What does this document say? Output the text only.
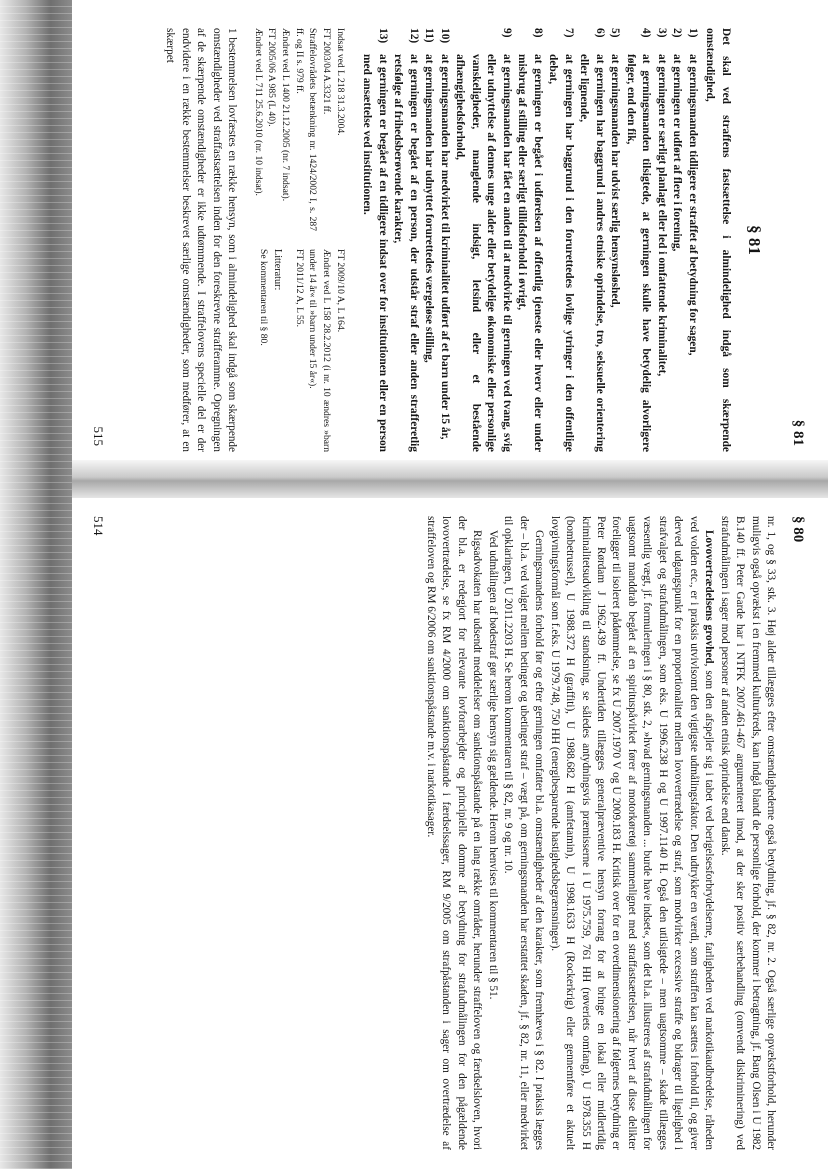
§ 80

nr. 1, og § 33, stk. 3. Høj alder tillægges efter omstændighederne også betydning, jf. § 82, nr. 2. Også særlige opvækstforhold, herunder muligvis også opvækst i en fremmed kulturkreds, kan indgå blandt de personlige forhold, der kommer i betragtning, jf. Bang Olsen i U 1982 B.140 ff. Peter Garde har i NTFK 2007.461-467 argumenteret imod, at der sker positiv særbehandling (omvendt diskriminering) ved strafudmålingen i sager mod personer af anden etnisk oprindelse end dansk.

Lovovertrædelsens grovhed, som den afspejler sig i tabet ved berigelsesforbrydelserne, farligheden ved narkotikaudbredelse, råheden ved volden etc., er i praksis utvivlsomt den vigtigste udmålingsfaktor. Den udtrykker en værdi, som straffen kan sættes i forhold til, og giver derved udgangspunkt for en proportionalitet mellem lovovertrædelse og straf, som modvirker excessive straffe og bidrager til ligelighed i strafvalget og strafudmålingen, som eks. U 1996.238 H og U 1997.1140 H. Også den utilsigtede – men uagtsomme – skade tillægges væsentlig vægt, jf. formuleringen i § 80, stk. 2, »hvad gerningsmanden ... burde have indset«, som det bl.a. illustreres af strafudmålingen for uagtsomt manddrab begået af en spirituspåvirket fører af motorkøretøj sammenlignet med straffastsættelsen, når hvert af disse delikter foreligger til isoleret pådømmelse, se fx U 2007.1970 V og U 2009.183 H. Kritisk over for en overdimensionering af følgernes betydning er Peter Rørdam J 1962.439 ff. Undertiden tillægges generalpræventive hensyn forrang for at bringe en lokal eller midlertidig kriminalitetsudvikling til standsning, se således antydningsvis præmisserne i U 1975.759, 761 HH (røveriets omfang), U 1978.355 H (bombetrussel), U 1988.372 H (graffiti), U 1988.682 H (amfetamin), U 1998.1633 H (Rockerkrig) eller gennemføre et aktuelt lovgivningsformål som f.eks. U 1979.748, 750 HH (energibesparende hastighedsbegrænsninger).

Gerningsmandens forhold før og efter gerningen omfatter bl.a. omstændigheder af den karakter, som fremhæves i § 82. I praksis lægges der – bl.a. ved valget mellem betinget og ubetinget straf – vægt på, om gerningsmanden har erstattet skaden, jf. § 82, nr. 11, eller medvirket til opklaringen, U 2011.2203 H. Se herom kommentaren til § 82, nr. 9 og nr. 10.

Ved udmålingen af bødestraf gør særlige hensyn sig gældende. Herom henvises til kommentaren til § 51.

Rigsadvokaten har udsendt meddelelser om sanktionspåstande på en lang række områder, herunder straffeloven og færdselsloven, hvori der bl.a. er redegjort for relevante lovforarbejder og principielle domme af betydning for strafudmålingen for den pågældende lovovertrædelse, se fx RM 4/2000 om sanktionspåstande i færdselssager, RM 9/2005 om strafpåstanden i sager om overtrædelse af straffeloven og RM 6/2006 om sanktionspåstande m.v. i narkotikasager.

514
§ 81
§ 81
Det skal ved straffens fastsættelse i almindelighed indgå som skærpende omstændighed,
1)
at gerningsmanden tidligere er straffet af betydning for sagen,
2)
at gerningen er udført af flere i forening,
3)
at gerningen er særligt planlagt eller led i omfattende kriminalitet,
4)
at gerningsmanden tilsigtede, at gerningen skulle have betydelig alvorligere følger, end den fik,
5)
at gerningsmanden har udvist særlig hensynsløshed,
6)
at gerningen har baggrund i andres etniske oprindelse, tro, seksuelle orientering eller lignende,
7)
at gerningen har baggrund i den forurettedes lovlige ytringer i den offentlige debat,
8)
at gerningen er begået i udførelsen af offentlig tjeneste eller hverv eller under misbrug af stilling eller særligt tillidsforhold i øvrigt,
9)
at gerningsmanden har fået en anden til at medvirke til gerningen ved tvang, svig eller udnyttelse af dennes unge alder eller betydelige økonomiske eller personlige vanskeligheder, manglende indsigt, letsind eller et bestående afhængighedsforhold,
10)
at gerningsmanden har medvirket til kriminalitet udført af et barn under 15 år,
11)
at gerningsmanden har udnyttet forurettedes værgeløse stilling,
12)
at gerningen er begået af en person, der udstår straf eller anden strafferetlig retsfølge af frihedsberøvende karakter,
13)
at gerningen er begået af en tidligere indsat over for institutionen eller en person med ansættelse ved institutionen.
Indsat ved L 218 31.3.2004.
FT 2003/04 A.3321 ff.
Straffelovrådets betænkning nr. 1424/2002 I, s. 287 ff. og II s. 979 ff.
Ændret ved L 1400 21.12.2005 (nr. 7 indsat).
FT 2005/06 A 985 (L 40).
Ændret ved L 711 25.6.2010 (nr. 10 indsat).
FT 2009/10 A, L 164.
Ændret ved L 158 28.2.2012 (i nr. 10 ændres »barn under 14 år« til »barn under 15 år«).
FT 2011/12 A, L 55.
Litteratur:
Se kommentaren til § 80.
1 bestemmelsen lovfæstes en række hensyn, som i almindelighed skal indgå som skærpende omstændigheder ved straffastsættelsen inden for den foreskrevne strafferamme. Opregningen af de skærpende omstændigheder er ikke udtømmende. I straffelovens specielle del er der endvidere i en række bestemmelser beskrevet særlige omstændigheder, som medfører, at en skærpet
515
